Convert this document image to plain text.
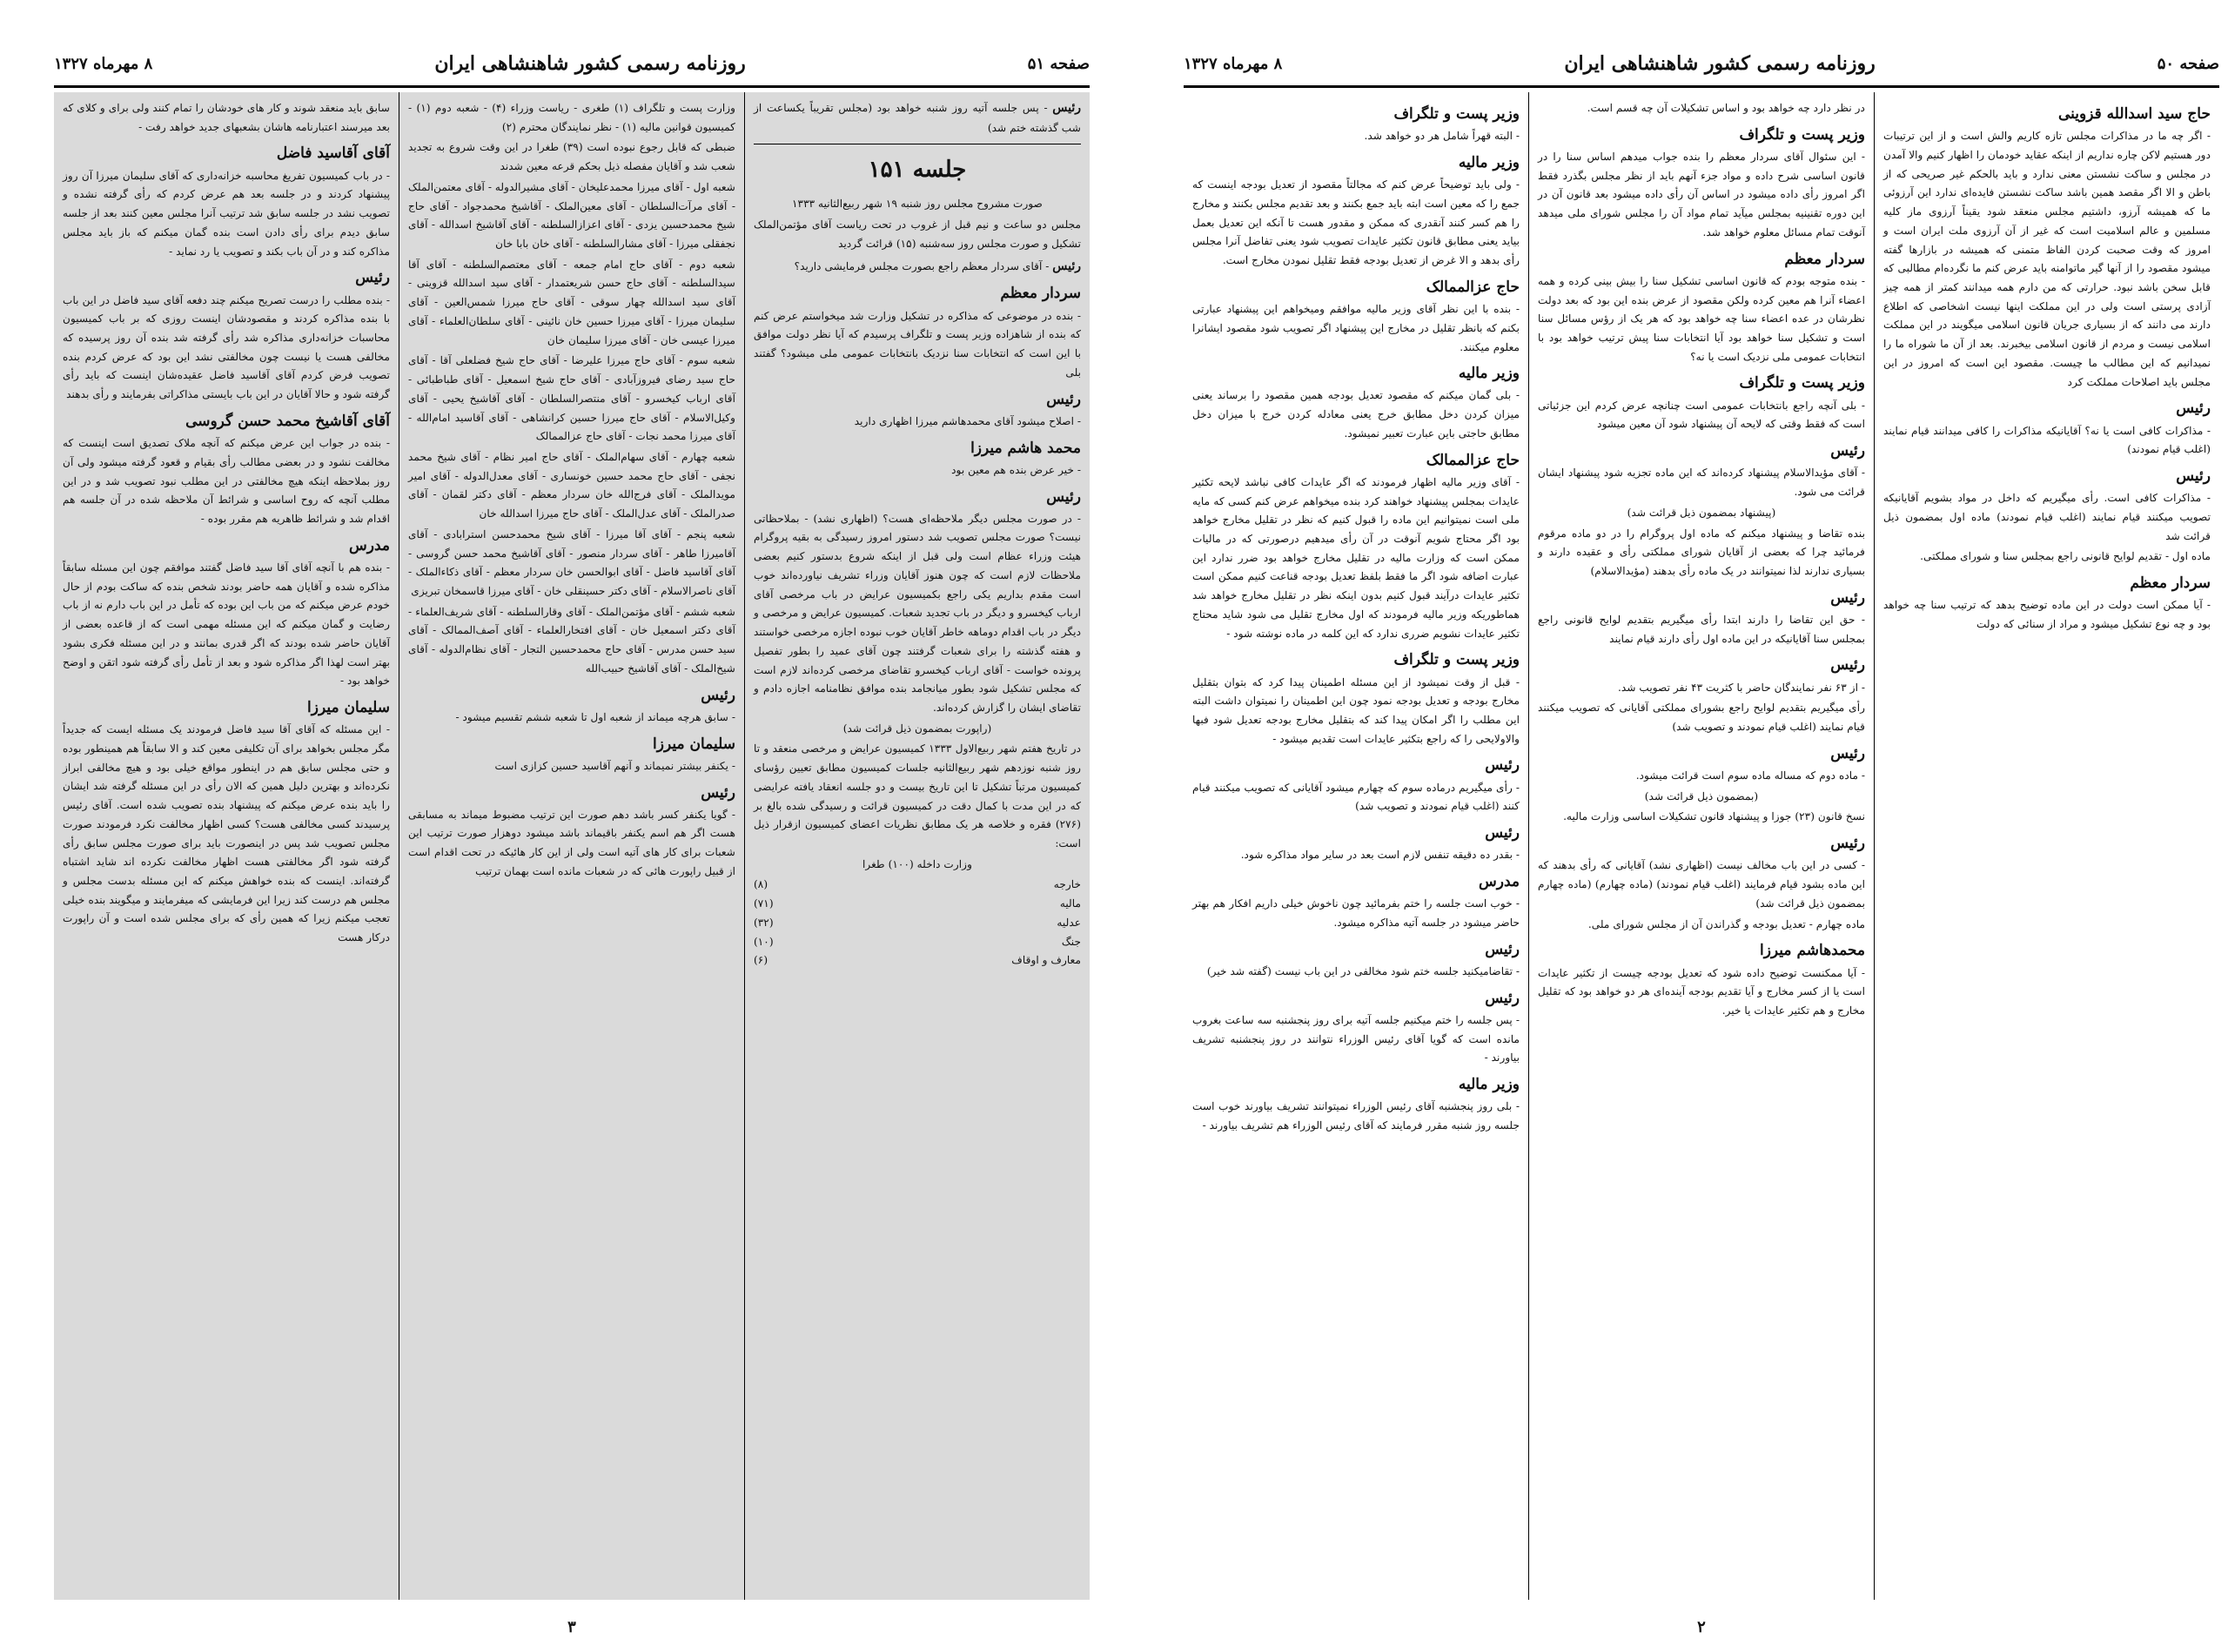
صفحه ۵۱
روزنامه رسمی کشور شاهنشاهی ایران
۸ مهرماه ۱۳۲۷
رئیس - پس جلسه آتیه روز شنبه خواهد بود (مجلس تقریباً یکساعت از شب گذشته ختم شد)
جلسه ۱۵۱
صورت مشروح مجلس روز شنبه ۱۹ شهر ربیع‌الثانیه ۱۳۳۳
مجلس دو ساعت و نیم قبل از غروب در تحت ریاست آقای مؤتمن‌الملک تشکیل و صورت مجلس روز سه‌شنبه (۱۵) قرائت گردید
رئیس - آقای سردار معظم راجع بصورت مجلس فرمایشی دارید؟
سردار معظم
- بنده در موضوعی که مذاکره در تشکیل وزارت شد میخواستم عرض کنم که بنده از شاهزاده وزیر پست و تلگراف پرسیدم که آیا نظر دولت موافق با این است که انتخابات سنا نزدیک بانتخابات عمومی ملی میشود؟ گفتند بلی
رئیس
- اصلاح میشود آقای محمدهاشم میرزا اظهاری دارید
محمد هاشم میرزا
- خیر عرض بنده هم معین بود
رئیس
- در صورت مجلس دیگر ملاحظه‌ای هست؟ (اظهاری نشد) - بملاحظاتی نیست؟ صورت مجلس تصویب شد دستور امروز رسیدگی به بقیه پروگرام هیئت وزراء عظام است ولی قبل از اینکه شروع بدستور کنیم بعضی ملاحظات لازم است که چون هنوز آقایان وزراء تشریف نیاورده‌اند خوب است مقدم بداریم یکی راجع بکمیسیون عرایض در باب مرخصی آقای ارباب کیخسرو و دیگر در باب تجدید شعبات. کمیسیون عرایض و مرخصی و دیگر در باب اقدام دوماهه خاطر آقایان خوب نبوده اجازه مرخصی خواستند و هفته گذشته را برای شعبات گرفتند چون آقای عمید را بطور تفصیل پرونده خواست - آقای ارباب کیخسرو تقاضای مرخصی کرده‌اند لازم است که مجلس تشکیل شود بطور میانجامد بنده موافق نظامنامه اجازه دادم و تقاضای ایشان را گزارش کرده‌اند.
(راپورت بمضمون ذیل قرائت شد)
در تاریخ هفتم شهر ربیع‌الاول ۱۳۳۳ کمیسیون عرایض و مرخصی منعقد و تا روز شنبه نوزدهم شهر ربیع‌الثانیه جلسات کمیسیون مطابق تعیین رؤسای کمیسیون مرتباً تشکیل تا این تاریخ بیست و دو جلسه انعقاد یافته عرایضی که در این مدت با کمال دقت در کمیسیون قرائت و رسیدگی شده بالغ بر (۲۷۶) فقره و خلاصه هر یک مطابق نظریات اعضای کمیسیون ازقرار ذیل است:
وزارت داخله (۱۰۰) طغرا
خارجه
(۸)
مالیه
(۷۱)
عدلیه
(۳۲)
جنگ
(۱۰)
معارف و اوقاف
(۶)
وزارت پست و تلگراف (۱) طغری - ریاست وزراء (۴) - شعبه دوم (۱) - کمیسیون قوانین مالیه (۱) - نظر نمایندگان محترم (۲)
ضبطی که قابل رجوع نبوده است (۳۹) طغرا در این وقت شروع به تجدید شعب شد و آقایان مفصله ذیل بحکم قرعه معین شدند
شعبه اول - آقای میرزا محمدعلیخان - آقای مشیرالدوله - آقای معتمن‌الملک - آقای مرآت‌السلطان - آقای معین‌الملک - آقاشیخ محمدجواد - آقای حاج شیخ محمدحسین یزدی - آقای اعزازالسلطنه - آقای آقاشیخ اسدالله - آقای نجفقلی میرزا - آقای مشارالسلطنه - آقای خان بابا خان
شعبه دوم - آقای حاج امام جمعه - آقای معتصم‌السلطنه - آقای آقا سیدالسلطنه - آقای حاج حسن شریعتمدار - آقای سید اسدالله قزوینی - آقای سید اسدالله چهار سوقی - آقای حاج میرزا شمس‌العین - آقای سلیمان میرزا - آقای میرزا حسین خان نائینی - آقای سلطان‌العلماء - آقای میرزا عیسی خان - آقای میرزا سلیمان خان
شعبه سوم - آقای حاج میرزا علیرضا - آقای حاج شیخ فضلعلی آقا - آقای حاج سید رضای فیروزآبادی - آقای حاج شیخ اسمعیل - آقای طباطبائی - آقای ارباب کیخسرو - آقای منتصرالسلطان - آقای آقاشیخ یحیی - آقای وکیل‌الاسلام - آقای حاج میرزا حسین کرانشاهی - آقای آقاسید امام‌الله - آقای میرزا محمد نجات - آقای حاج عزالممالک
شعبه چهارم - آقای سهام‌الملک - آقای حاج امیر نظام - آقای شیخ محمد نجفی - آقای حاج محمد حسین خونساری - آقای معدل‌الدوله - آقای امیر مویدالملک - آقای فرج‌الله خان سردار معظم - آقای دکتر لقمان - آقای صدرالملک - آقای عدل‌الملک - آقای حاج میرزا اسدالله خان
شعبه پنجم - آقای آقا میرزا - آقای شیخ محمدحسن استرابادی - آقای آقامیرزا طاهر - آقای سردار منصور - آقای آقاشیخ محمد حسن گروسی - آقای آقاسید فاضل - آقای ابوالحسن خان سردار معظم - آقای ذکاءالملک - آقای ناصرالاسلام - آقای دکتر حسینقلی خان - آقای میرزا قاسمخان تبریزی
شعبه ششم - آقای مؤتمن‌الملک - آقای وقارالسلطنه - آقای شریف‌العلماء - آقای دکتر اسمعیل خان - آقای افتخارالعلماء - آقای آصف‌الممالک - آقای سید حسن مدرس - آقای حاج محمدحسین التجار - آقای نظام‌الدوله - آقای شیخ‌الملک - آقای آقاشیخ حبیب‌الله
رئیس
- سابق هرچه میماند از شعبه اول تا شعبه ششم تقسیم میشود -
سلیمان میرزا
- یکنفر بیشتر نمیماند و آنهم آقاسید حسین کزازی است
رئیس
- گویا یکنفر کسر باشد دهم صورت این ترتیب مضبوط میماند به مسابقی هست اگر هم اسم یکنفر باقیماند باشد میشود دوهزار صورت ترتیب این شعبات برای کار های آتیه است ولی از این کار هائیکه در تحت اقدام است از قبیل راپورت هائی که در شعبات مانده است بهمان ترتیب
سابق باید منعقد شوند و کار های خودشان را تمام کنند ولی برای و کلای که بعد میرسند اعتبارنامه هاشان بشعبهای جدید خواهد رفت -
آقای آقاسید فاضل
- در باب کمیسیون تفریغ محاسبه خزانه‌داری که آقای سلیمان میرزا آن روز پیشنهاد کردند و در جلسه بعد هم عرض کردم که رأی گرفته نشده و تصویب نشد در جلسه سابق شد ترتیب آنرا مجلس معین کنند بعد از جلسه سابق دیدم برای رأی دادن است بنده گمان میکنم که باز باید مجلس مذاکره کند و در آن باب بکند و تصویب یا رد نماید -
رئیس
- بنده مطلب را درست تصریح میکنم چند دفعه آقای سید فاضل در این باب با بنده مذاکره کردند و مقصودشان اینست روزی که بر باب کمیسیون محاسبات خزانه‌داری مذاکره شد رأی گرفته شد بنده آن روز پرسیده که مخالفی هست یا نیست چون مخالفتی نشد این بود که عرض کردم بنده تصویب فرض کردم آقای آقاسید فاضل عقیده‌شان اینست که باید رأی گرفته شود و حالا آقایان در این باب بایستی مذاکراتی بفرمایند و رأی بدهند
آقای آقاشیخ محمد حسن گروسی
- بنده در جواب این عرض میکنم که آنچه ملاک تصدیق است اینست که مخالفت نشود و در بعضی مطالب رأی بقیام و قعود گرفته میشود ولی آن روز بملاحظه اینکه هیچ مخالفتی در این مطلب نبود تصویب شد و در این مطلب آنچه که روح اساسی و شرائط آن ملاحظه شده در آن جلسه هم اقدام شد و شرائط ظاهریه هم مقرر بوده -
مدرس
- بنده هم با آنچه آقای آقا سید فاضل گفتند موافقم چون این مسئله سابقاً مذاکره شده و آقایان همه حاضر بودند شخص بنده که ساکت بودم از حال خودم عرض میکنم که من باب این بوده که تأمل در این باب دارم نه از باب رضایت و گمان میکنم که این مسئله مهمی است که از قاعده بعضی از آقایان حاضر شده بودند که اگر قدری بمانند و در این مسئله فکری بشود بهتر است لهذا اگر مذاکره شود و بعد از تأمل رأی گرفته شود اتقن و اوضح خواهد بود -
سلیمان میرزا
- این مسئله که آقای آقا سید فاضل فرمودند یک مسئله ایست که جدیداً مگر مجلس بخواهد برای آن تکلیفی معین کند و الا سابقاً هم همینطور بوده و حتی مجلس سابق هم در اینطور مواقع خیلی بود و هیچ مخالفی ابراز نکرده‌اند و بهترین دلیل همین که الان رأی در این مسئله گرفته شد ایشان را باید بنده عرض میکنم که پیشنهاد بنده تصویب شده است. آقای رئیس پرسیدند کسی مخالفی هست؟ کسی اظهار مخالفت نکرد فرمودند صورت مجلس تصویب شد پس در اینصورت باید برای صورت مجلس سابق رأی گرفته شود اگر مخالفتی هست اظهار مخالفت نکرده اند شاید اشتباه گرفته‌اند. اینست که بنده خواهش میکنم که این مسئله بدست مجلس و مجلس هم درست کند زیرا این فرمایشی که میفرمایند و میگویند بنده خیلی تعجب میکنم زیرا که همین رأی که برای مجلس شده است و آن راپورت درکار هست
۳
صفحه ۵۰
روزنامه رسمی کشور شاهنشاهی ایران
۸ مهرماه ۱۳۲۷
حاج سید اسدالله قزوینی
- اگر چه ما در مذاکرات مجلس تازه کاریم والش است و از این ترتیبات دور هستیم لاکن چاره نداریم از اینکه عقاید خودمان را اظهار کنیم والا آمدن در مجلس و ساکت نشستن معنی ندارد و باید بالحکم غیر صریحی که از باطن و الا اگر مقصد همین باشد ساکت نشستن فایده‌ای ندارد این آرزوئی ما که همیشه آرزو، داشتیم مجلس منعقد شود یقیناً آرزوی ماز کلیه مسلمین و عالم اسلامیت است که غیر از آن آرزوی ملت ایران است و امروز که وقت صحبت کردن الفاظ متمنی که همیشه در بازارها گفته میشود مقصود را از آنها گیر ماتوامنه باید عرض کنم ما نگرده‌ام مطالبی که قابل سخن باشد نبود. حرارتی که من دارم همه میدانند کمتر از همه چیز آزادی پرستی است ولی در این مملکت اینها نیست اشخاصی که اطلاع دارند می دانند که از بسیاری جریان قانون اسلامی میگویند در این مملکت اسلامی نیست و مردم از قانون اسلامی بیخبرند. بعد از آن ما شوراه ما را نمیدانیم که این مطالب ما چیست. مقصود این است که امروز در این مجلس باید اصلاحات مملکت کرد
رئیس
- مذاکرات کافی است یا نه؟ آقایانیکه مذاکرات را کافی میدانند قیام نمایند (اغلب قیام نمودند)
رئیس
- مذاکرات کافی است. رأی میگیریم که داخل در مواد بشویم آقایانیکه تصویب میکنند قیام نمایند (اغلب قیام نمودند) ماده اول بمضمون ذیل قرائت شد
ماده اول - تقدیم لوایح قانونی راجع بمجلس سنا و شورای مملکتی.
سردار معظم
- آیا ممکن است دولت در این ماده توضیح بدهد که ترتیب سنا چه خواهد بود و چه نوع تشکیل میشود و مراد از سنائی که دولت
در نظر دارد چه خواهد بود و اساس تشکیلات آن چه قسم است.
وزیر پست و تلگراف
- این سئوال آقای سردار معظم را بنده جواب میدهم اساس سنا را در قانون اساسی شرح داده و مواد جزء آنهم باید از نظر مجلس بگذرد فقط اگر امروز رأی داده میشود در اساس آن رأی داده میشود بعد قانون آن در این دوره تقنینیه بمجلس میآید تمام مواد آن را مجلس شورای ملی میدهد آنوقت تمام مسائل معلوم خواهد شد.
سردار معظم
- بنده متوجه بودم که قانون اساسی تشکیل سنا را بیش بینی کرده و همه اعضاء آنرا هم معین کرده ولکن مقصود از عرض بنده این بود که بعد دولت نظرشان در عده اعضاء سنا چه خواهد بود که هر یک از رؤس مسائل سنا است و تشکیل سنا خواهد بود آیا انتخابات سنا پیش ترتیب خواهد بود با انتخابات عمومی ملی نزدیک است یا نه؟
وزیر پست و تلگراف
- بلی آنچه راجع بانتخابات عمومی است چنانچه عرض کردم این جزئیاتی است که فقط وقتی که لایحه آن پیشنهاد شود آن معین میشود
رئیس
- آقای مؤیدالاسلام پیشنهاد کرده‌اند که این ماده تجزیه شود پیشنهاد ایشان قرائت می شود.
(پیشنهاد بمضمون ذیل قرائت شد)
بنده تقاضا و پیشنهاد میکنم که ماده اول پروگرام را در دو ماده مرقوم فرمائید چرا که بعضی از آقایان شورای مملکتی رأی و عقیده دارند و بسیاری ندارند لذا نمیتوانند در یک ماده رأی بدهند (مؤیدالاسلام)
رئیس
- حق این تقاضا را دارند ابتدا رأی میگیریم بتقدیم لوایح قانونی راجع بمجلس سنا آقایانیکه در این ماده اول رأی دارند قیام نمایند
رئیس
- از ۶۳ نفر نمایندگان حاضر با کثریت ۴۳ نفر تصویب شد.
رأی میگیریم بتقدیم لوایح راجع بشورای مملکتی آقایانی که تصویب میکنند قیام نمایند (اغلب قیام نمودند و تصویب شد)
رئیس
- ماده دوم که مساله ماده سوم است قرائت میشود.
(بمضمون ذیل قرائت شد)
نسخ قانون (۲۳) جوزا و پیشنهاد قانون تشکیلات اساسی وزارت مالیه.
رئیس
- کسی در این باب مخالف نیست (اظهاری نشد) آقایانی که رأی بدهند که این ماده بشود قیام فرمایند (اغلب قیام نمودند) (ماده چهارم) (ماده چهارم بمضمون ذیل قرائت شد)
ماده چهارم - تعدیل بودجه و گذراندن آن از مجلس شورای ملی.
محمدهاشم میرزا
- آیا ممکنست توضیح داده شود که تعدیل بودجه چیست از تکثیر عایدات است یا از کسر مخارج و آیا تقدیم بودجه آینده‌ای هر دو خواهد بود که تقلیل مخارج و هم تکثیر عایدات یا خیر.
وزیر پست و تلگراف
- البته قهراً شامل هر دو خواهد شد.
وزیر مالیه
- ولی باید توضیحاً عرض کنم که مجالتاً مقصود از تعدیل بودجه اینست که جمع را که معین است ابته باید جمع بکنند و بعد تقدیم مجلس بکنند و مخارج را هم کسر کنند آنقدری که ممکن و مقدور هست تا آنکه این تعدیل بعمل بیاید یعنی مطابق قانون تکثیر عایدات تصویب شود یعنی تفاضل آنرا مجلس رأی بدهد و الا غرض از تعدیل بودجه فقط تقلیل نمودن مخارج است.
حاج عزالممالک
- بنده با این نظر آقای وزیر مالیه موافقم ومیخواهم این پیشنهاد عبارتی بکنم که بانظر تقلیل در مخارج این پیشنهاد اگر تصویب شود مقصود ایشانرا معلوم میکنند.
وزیر مالیه
- بلی گمان میکنم که مقصود تعدیل بودجه همین مقصود را برساند یعنی میزان کردن دخل مطابق خرج یعنی معادله کردن خرج با میزان دخل مطابق حاجتی باین عبارت تعبیر نمیشود.
حاج عزالممالک
- آقای وزیر مالیه اظهار فرمودند که اگر عایدات کافی نباشد لایحه تکثیر عایدات بمجلس پیشنهاد خواهند کرد بنده میخواهم عرض کنم کسی که مایه ملی است نمیتوانیم این ماده را قبول کنیم که نظر در تقلیل مخارج خواهد بود اگر محتاج شویم آنوقت در آن رأی میدهیم درصورتی که در مالیات ممکن است که وزارت مالیه در تقلیل مخارج خواهد بود ضرر ندارد این عبارت اضافه شود اگر ما فقط بلفظ تعدیل بودجه قناعت کنیم ممکن است تکثیر عایدات درآیند قبول کنیم بدون اینکه نظر در تقلیل مخارج خواهد شد هماطوریکه وزیر مالیه فرمودند که اول مخارج تقلیل می شود شاید محتاج تکثیر عایدات نشویم ضرری ندارد که این کلمه در ماده نوشته شود -
وزیر پست و تلگراف
- قبل از وقت نمیشود از این مسئله اطمینان پیدا کرد که بتوان بتقلیل مخارج بودجه و تعدیل بودجه نمود چون این اطمینان را نمیتوان داشت البته این مطلب را اگر امکان پیدا کند که بتقلیل مخارج بودجه تعدیل شود فبها والاولایحی را که راجع بتکثیر عایدات است تقدیم میشود -
رئیس
- رأی میگیریم درماده سوم که چهارم میشود آقایانی که تصویب میکنند قیام کنند (اغلب قیام نمودند و تصویب شد)
رئیس
- بقدر ده دقیقه تنفس لازم است بعد در سایر مواد مذاکره شود.
مدرس
- خوب است جلسه را ختم بفرمائید چون ناخوش خیلی داریم افکار هم بهتر حاضر میشود در جلسه آتیه مذاکره میشود.
رئیس
- تقاضامیکنید جلسه ختم شود مخالفی در این باب نیست (گفته شد خیر)
رئیس
- پس جلسه را ختم میکنیم جلسه آتیه برای روز پنجشنبه سه ساعت بغروب مانده است که گویا آقای رئیس الوزراء نتوانند در روز پنجشنبه تشریف بیاورند -
وزیر مالیه
- بلی روز پنجشنبه آقای رئیس الوزراء نمیتوانند تشریف بیاورند خوب است جلسه روز شنبه مقرر فرمایند که آقای رئیس الوزراء هم تشریف بیاورند -
۲
